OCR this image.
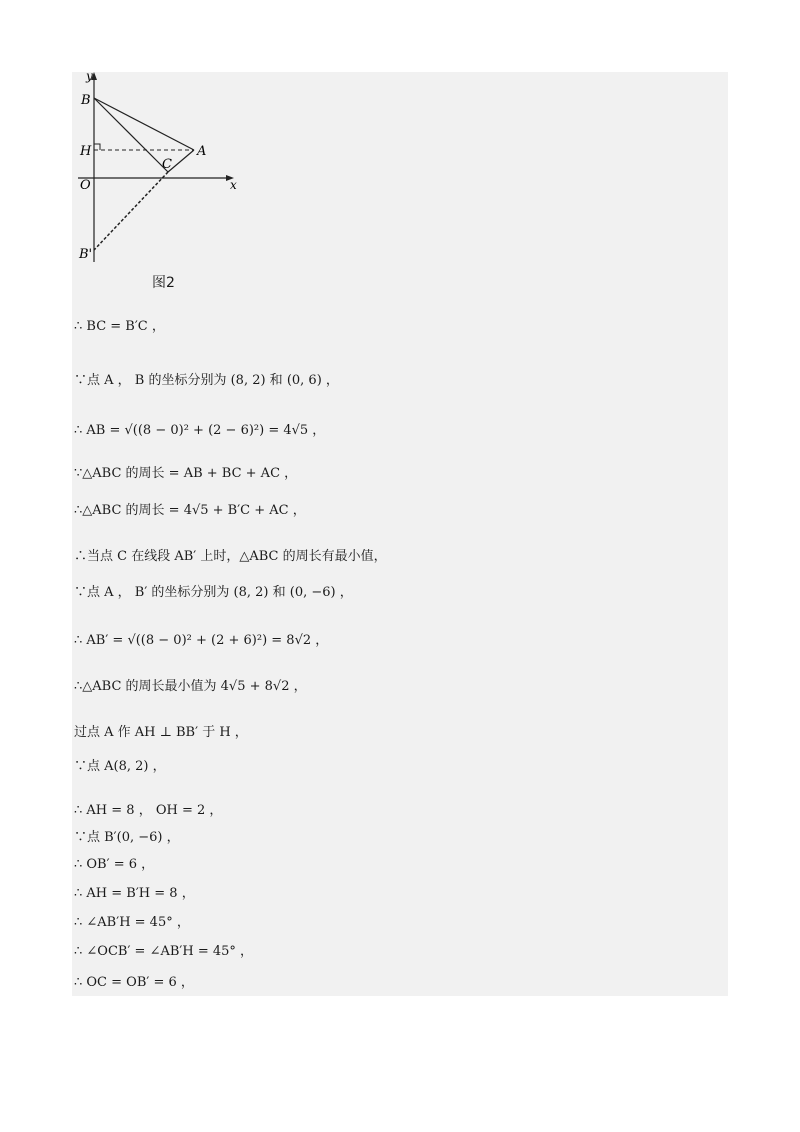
y
B
H	A
C
O	x
B'
图2
∴ BC = B′C ，
∵点 A ， B 的坐标分别为 (8, 2) 和 (0, 6) ，
∴ AB = √((8 − 0)² + (2 − 6)²) = 4√5 ，
∵△ABC 的周长 = AB + BC + AC ，
∴△ABC 的周长 = 4√5 + B′C + AC ，
∴当点 C 在线段 AB′ 上时，△ABC 的周长有最小值，
∵点 A ， B′ 的坐标分别为 (8, 2) 和 (0, −6) ，
∴ AB′ = √((8 − 0)² + (2 + 6)²) = 8√2 ，
∴△ABC 的周长最小值为 4√5 + 8√2 ，
过点 A 作 AH ⊥ BB′ 于 H ，
∵点 A(8, 2) ，
∴ AH = 8 ， OH = 2 ，
∵点 B′(0, −6) ，
∴ OB′ = 6 ，
∴ AH = B′H = 8 ，
∴ ∠AB′H = 45° ，
∴ ∠OCB′ = ∠AB′H = 45° ，
∴ OC = OB′ = 6 ，
